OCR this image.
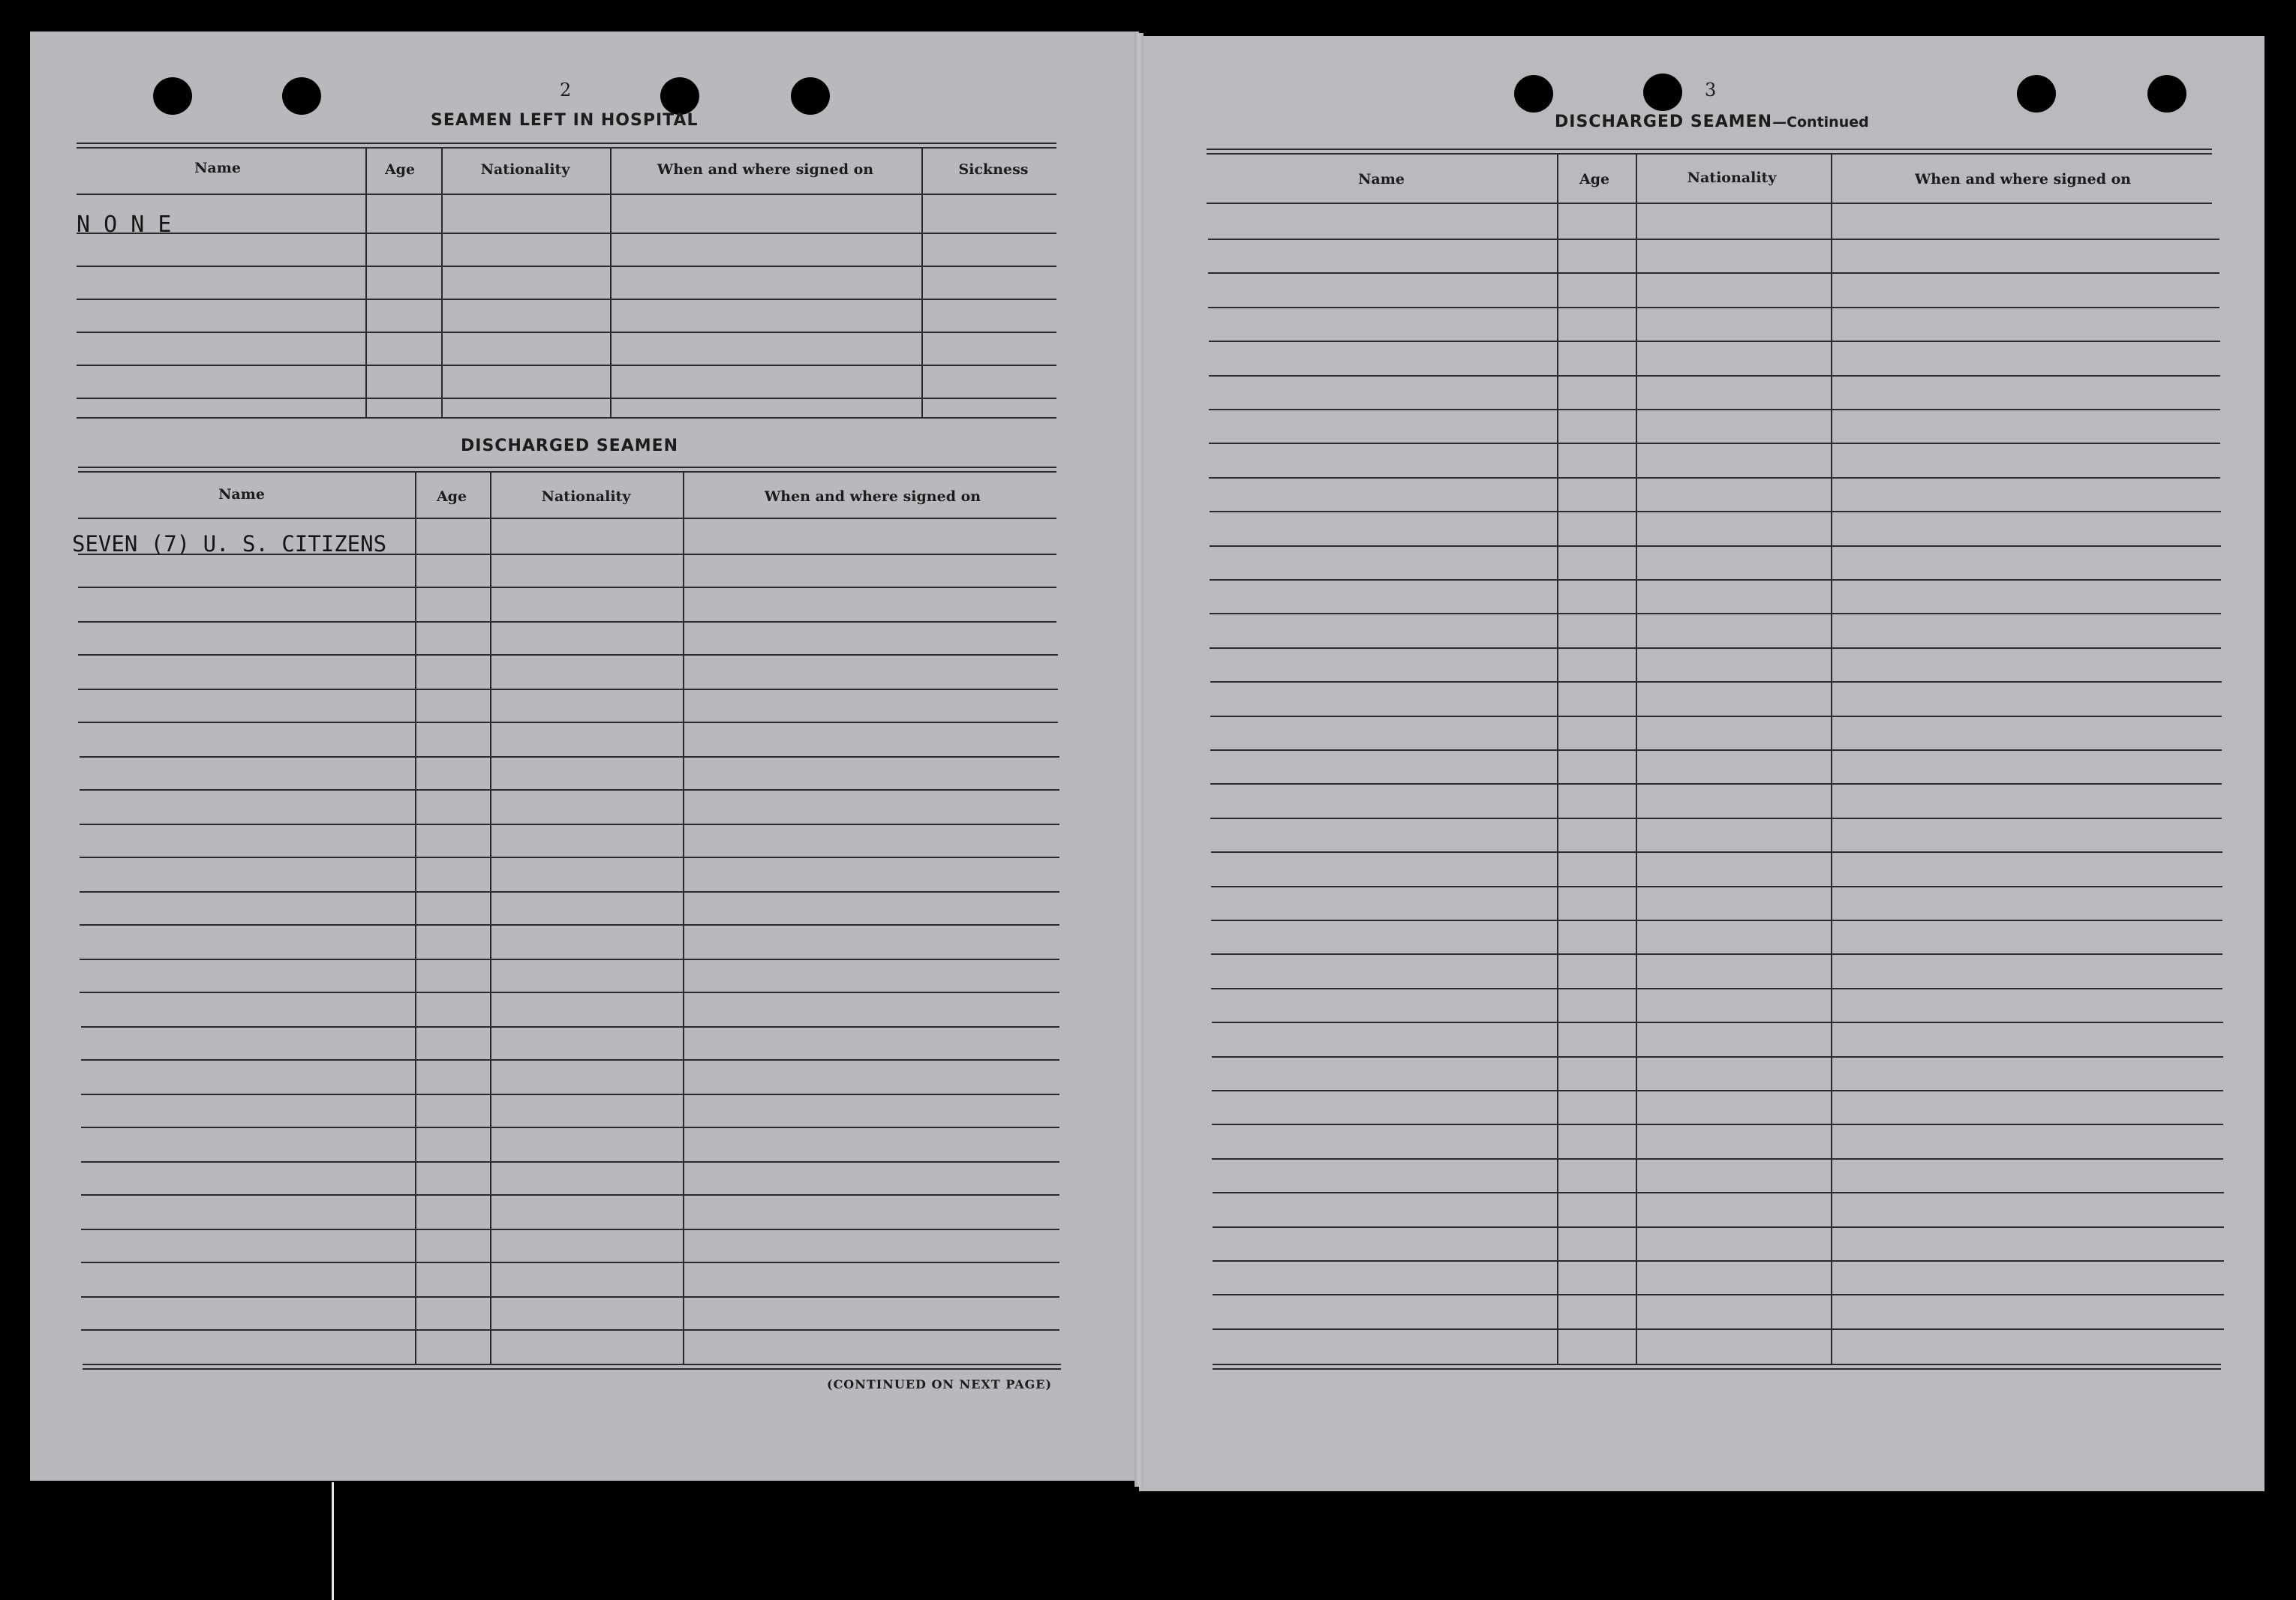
2
SEAMEN LEFT IN HOSPITAL
Name	Age	Nationality	When and where signed on	Sickness
N O N E
DISCHARGED SEAMEN
Name	Age	Nationality	When and where signed on
SEVEN (7) U. S. CITIZENS
(CONTINUED ON NEXT PAGE)
3
DISCHARGED SEAMEN—Continued
Name	Age	Nationality	When and where signed on
